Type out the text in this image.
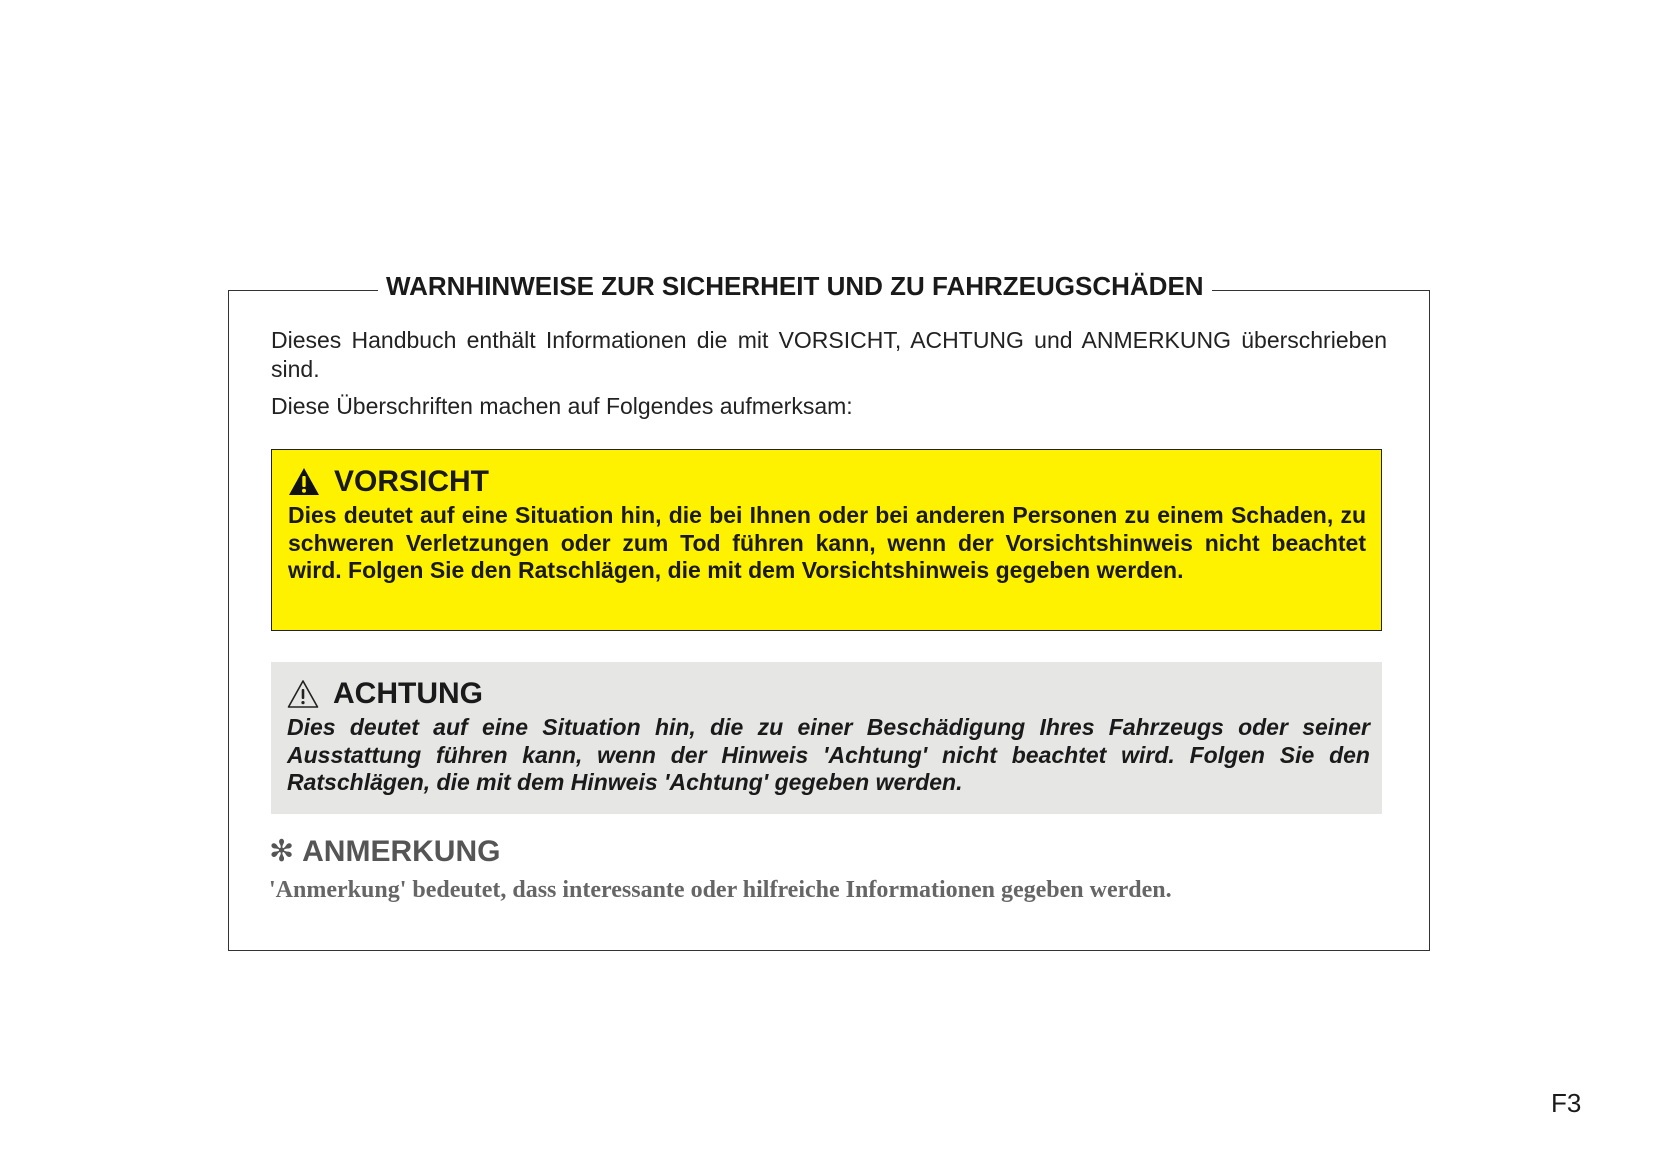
WARNHINWEISE ZUR SICHERHEIT UND ZU FAHRZEUGSCHÄDEN

Dieses Handbuch enthält Informationen die mit VORSICHT, ACHTUNG und ANMERKUNG überschrieben sind.

Diese Überschriften machen auf Folgendes aufmerksam:

VORSICHT
Dies deutet auf eine Situation hin, die bei Ihnen oder bei anderen Personen zu einem Schaden, zu schweren Verletzungen oder zum Tod führen kann, wenn der Vorsichtshinweis nicht beachtet wird. Folgen Sie den Ratschlägen, die mit dem Vorsichtshinweis gegeben werden.
ACHTUNG
Dies deutet auf eine Situation hin, die zu einer Beschädigung Ihres Fahrzeugs oder seiner Ausstattung führen kann, wenn der Hinweis 'Achtung' nicht beachtet wird. Folgen Sie den Ratschlägen, die mit dem Hinweis 'Achtung' gegeben werden.
✻ ANMERKUNG
'Anmerkung' bedeutet, dass interessante oder hilfreiche Informationen gegeben werden.
F3
